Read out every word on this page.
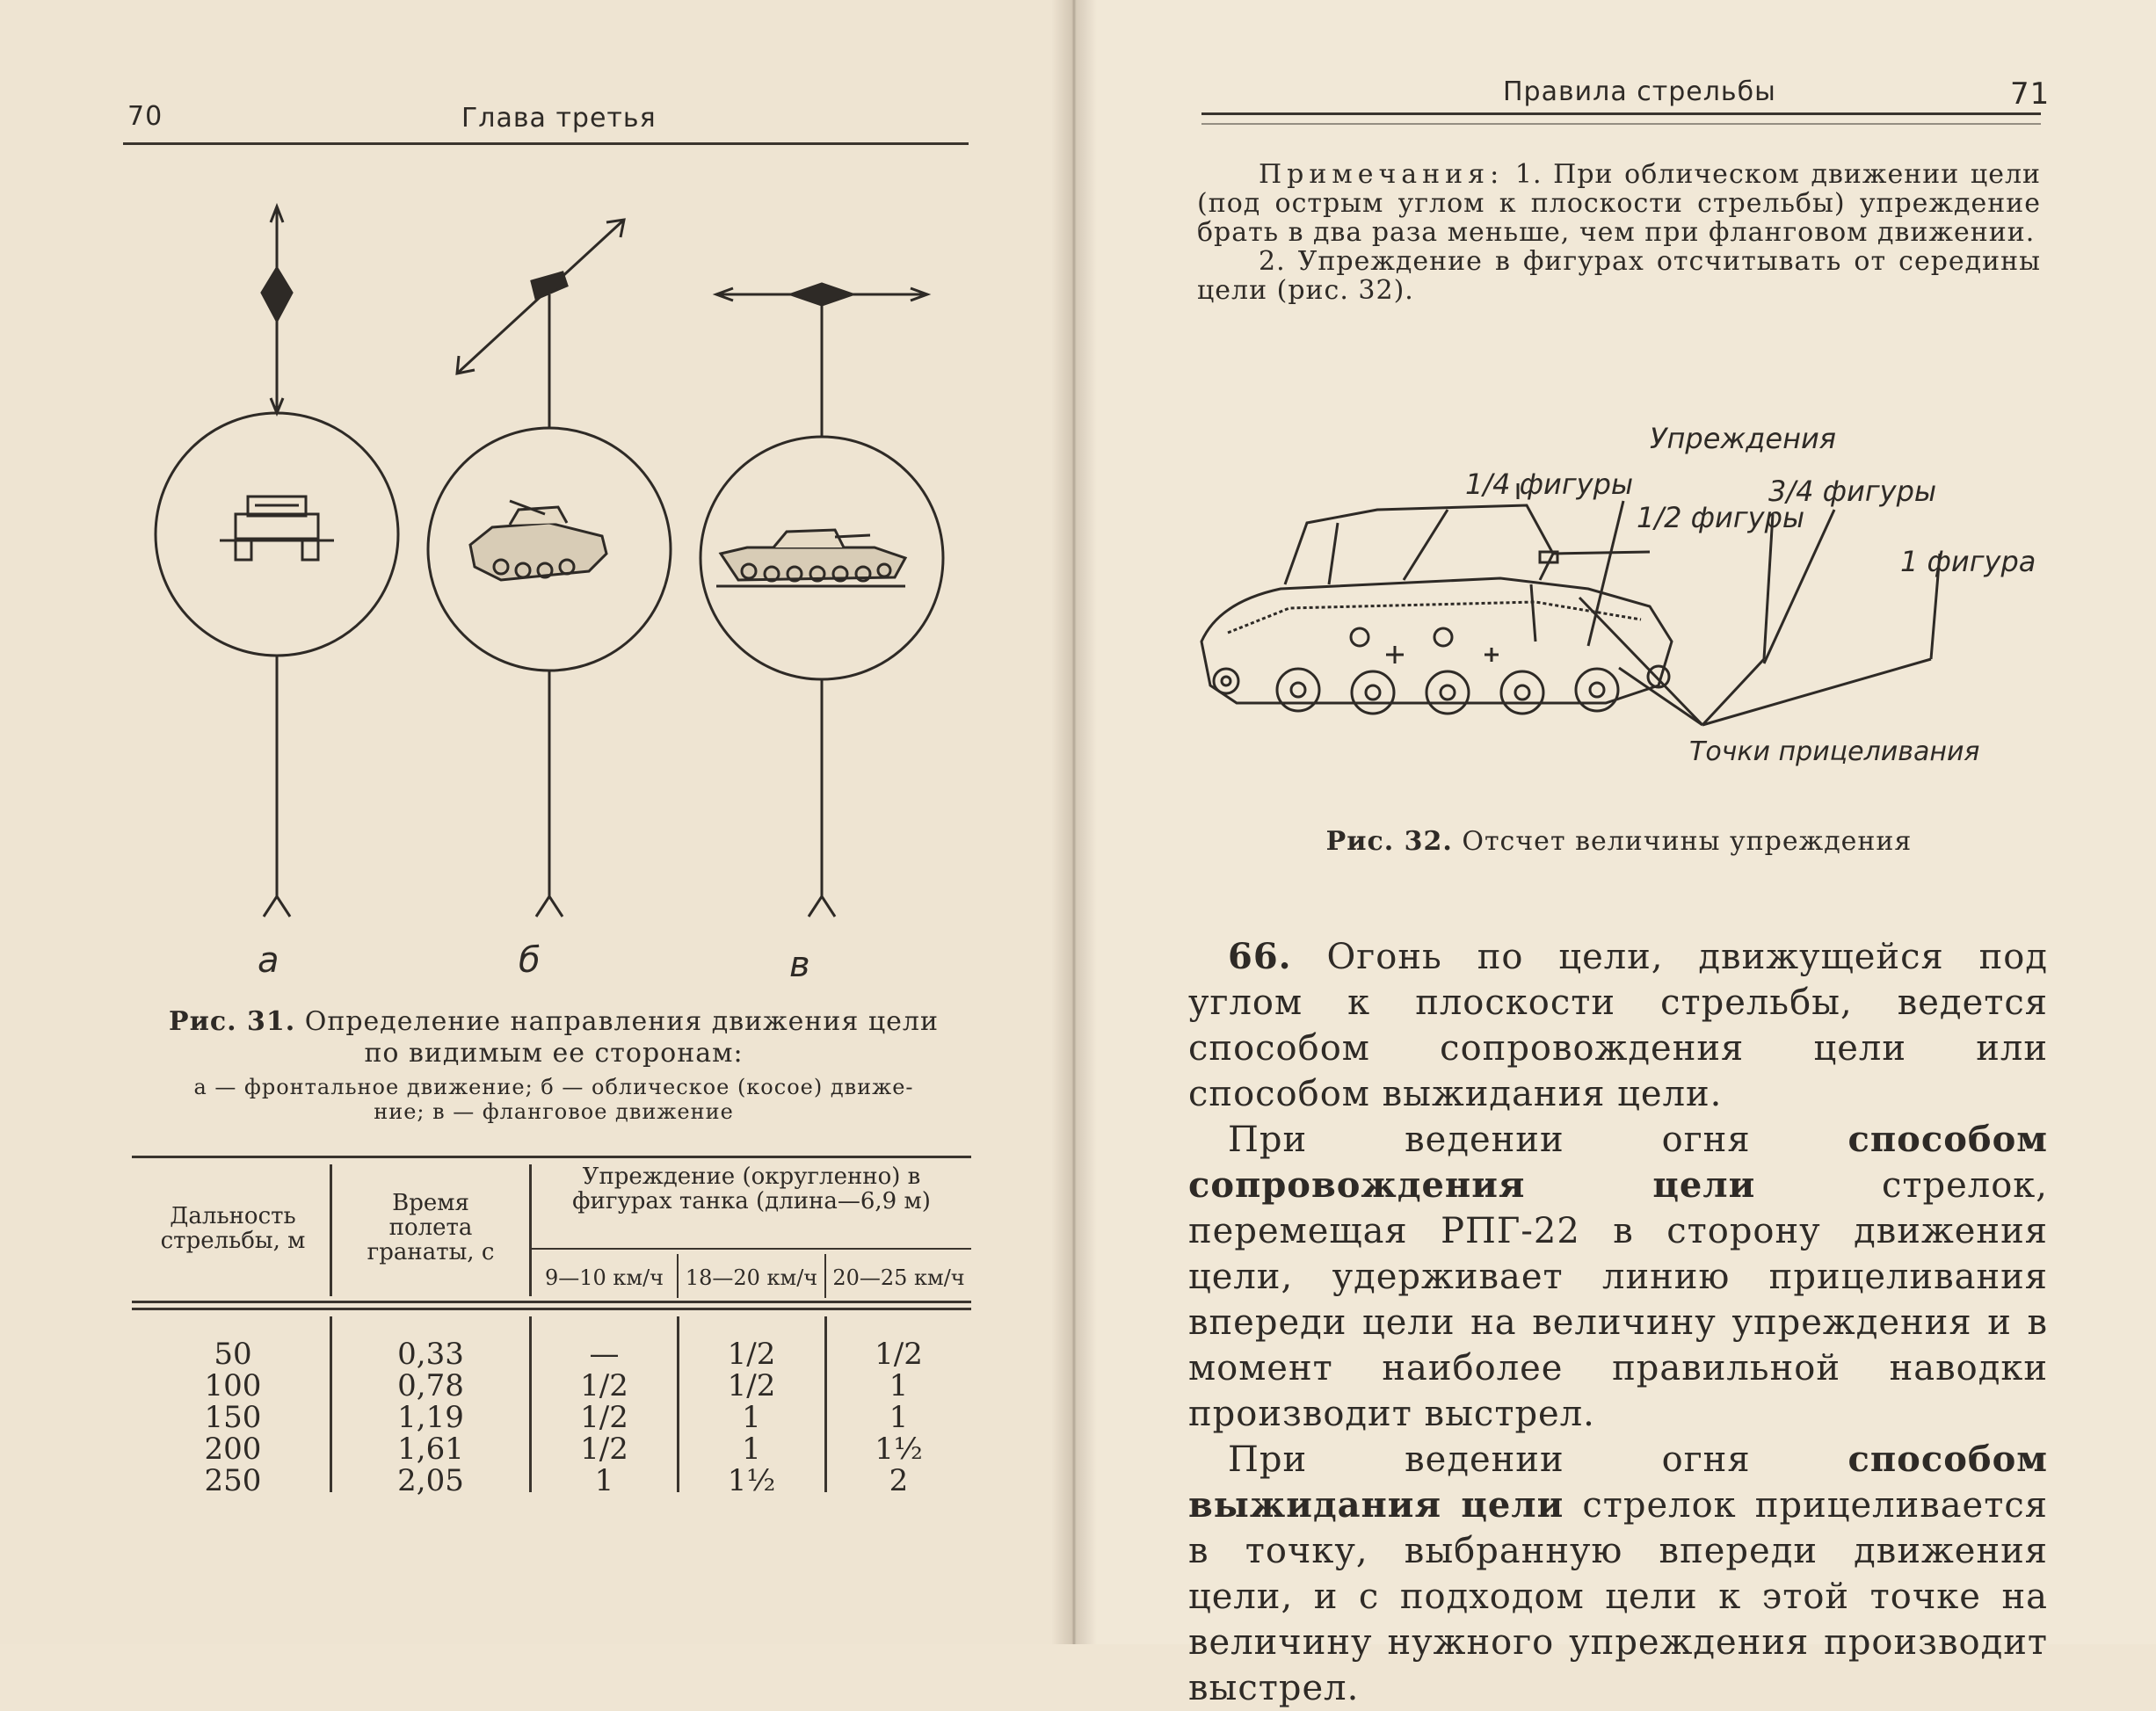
70	Глава третья
а	б	в
Рис. 31. Определение направления движения цели
по видимым ее сторонам:
а — фронтальное движение; б — облическое (косое) движе-
ние; в — фланговое движение
Дальность стрельбы, м
Время полета гранаты, с
Упреждение (округленно) в фигурах танка (длина—6,9 м)
9—10 км/ч	18—20 км/ч 20—25 км/ч
50	0,33	—	1/2	1/2
100	0,78	1/2	1/2	1
150	1,19	1/2	1	1
200	1,61	1/2	1	1½
250	2,05	1	1½	2
Правила стрельбы	71
Примечания: 1. При облическом движении цели (под острым углом к плоскости стрельбы) упреждение брать в два раза меньше, чем при фланговом движении.
2. Упреждение в фигурах отсчитывать от середины цели (рис. 32).
Упреждения
1/4 фигуры
1/2 фигуры
3/4 фигуры
1 фигура
Точки прицеливания
Рис. 32. Отсчет величины упреждения
66. Огонь по цели, движущейся под углом к плоскости стрельбы, ведется способом сопровождения цели или способом выжидания цели.
При ведении огня	способом сопровождения цели	стрелок, перемещая РПГ-22 в сторону движения цели, удерживает линию прицеливания впереди цели на величину упреждения и в момент наиболее правильной наводки производит выстрел.
При ведении огня	способом выжидания цели стрелок прицеливается в точку, выбранную впереди движения цели, и с подходом цели к этой точке на величину нужного упреждения производит выстрел.
